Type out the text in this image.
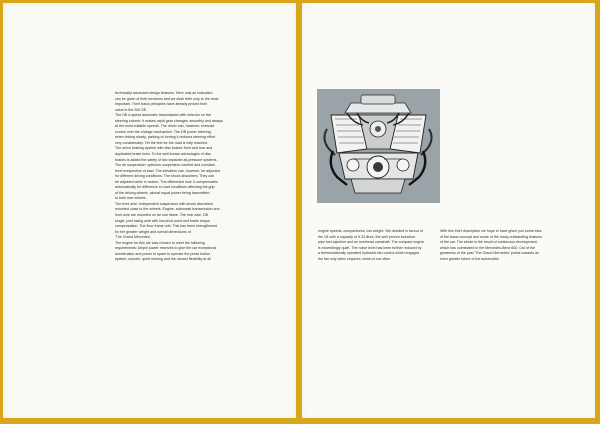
technically advanced design features. Here only an indication
can be given of their functions and we shall refer only to the most
important. Their basic principles have already proved their
value in the 300 SE.
The DB 4-speed automatic transmission with selector on the
steering column: it makes rapid gear changes, smoothly and always
at the most suitable speeds. The driver can, however, exercise
control over the change mechanism. The DB power steering:
when driving slowly, parking or turning it reduces steering effort
very considerably. Yet the feel for the road is fully retained.
The servo braking system with disc brakes front and rear and
duplicated brake lines. To the well known advantages of disc
brakes is added the safety of two separate all-pressure systems.
The air suspension: optimum suspension comfort and constant
level irrespective of load. The elevation can, however, be adjusted
for different driving conditions. The shock absorbers: They can
be adjusted while in motion. The differential lock: It compensates
automatically for difference in road conditions affecting the grip
of the driving wheels, almost equal power being transmitted
to both rear wheels.
The front axle: Independent suspension with shock absorbers
mounted close to the wheels. Engine, automatic transmission and
front axle are mounted on an sub frame. The rear axle: DB
single, joint swing axle with low pivot point and brake torque
compensation. The floor frame unit: This has been strengthened
for the greater weight and overall dimensions of
'The Grand Mercedes'.
The engine for this car was chosen to meet the following
requirements: Ample power reserves to give the car exceptional
acceleration and power to spare to operate the press button
system, smooth, quiet running and the utmost flexibility at all
engine speeds, compactness, low weight. We decided in favour of
the V8 with a capacity of 6.33 litres, the well proven induction
pipe fuel-injection and an overhead camshaft. The compact engine
is exceedingly quiet. The noise level has been further reduced by
a thermostatically operated hydraulic fan control which engages
the fan only when required, which is not often.
With this brief description we hope to have given you some idea
of the basic concept and some of the many outstanding features
of the car. The whole is the result of continuous development,
which has culminated in the Mercedes-Benz 600. Out of the
greatness of the past 'The Grand Mercedes' points towards an
even greater future of the automobile.
